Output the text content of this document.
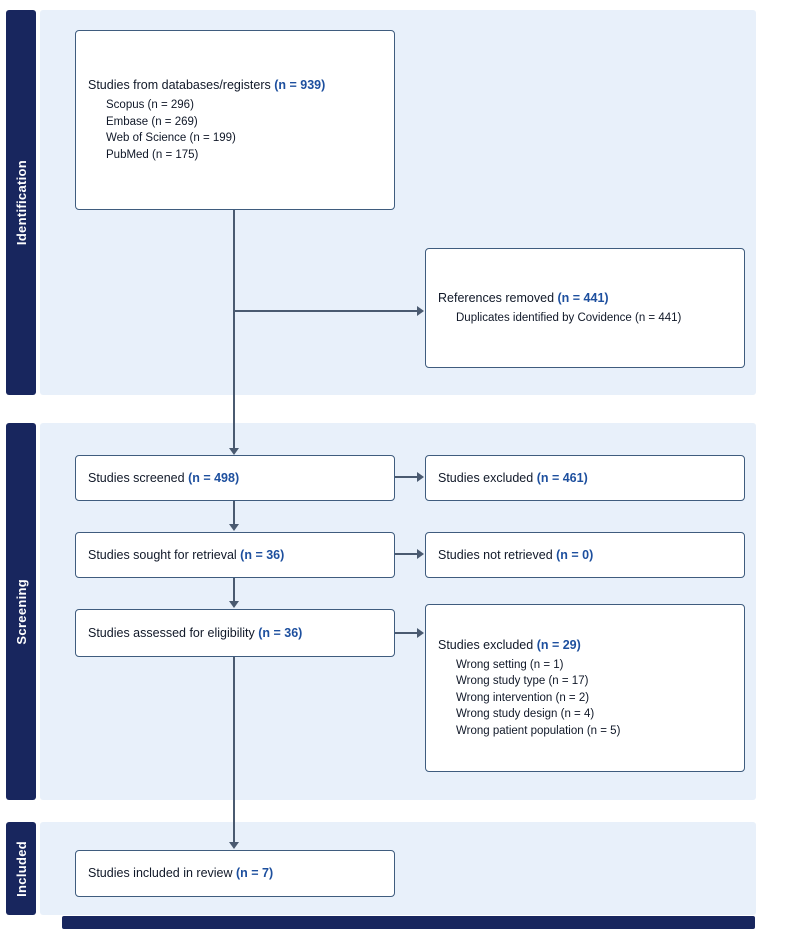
Identification
Screening
Included
Studies from databases/registers (n = 939)
Scopus (n = 296)
Embase (n = 269)
Web of Science (n = 199)
PubMed (n = 175)
References removed (n = 441)
Duplicates identified by Covidence (n = 441)
Studies screened (n = 498)	Studies excluded (n = 461)
Studies sought for retrieval (n = 36)	Studies not retrieved (n = 0)
Studies assessed for eligibility (n = 36)
Studies excluded (n = 29)
Wrong setting (n = 1)
Wrong study type (n = 17)
Wrong intervention (n = 2)
Wrong study design (n = 4)
Wrong patient population (n = 5)
Studies included in review (n = 7)
